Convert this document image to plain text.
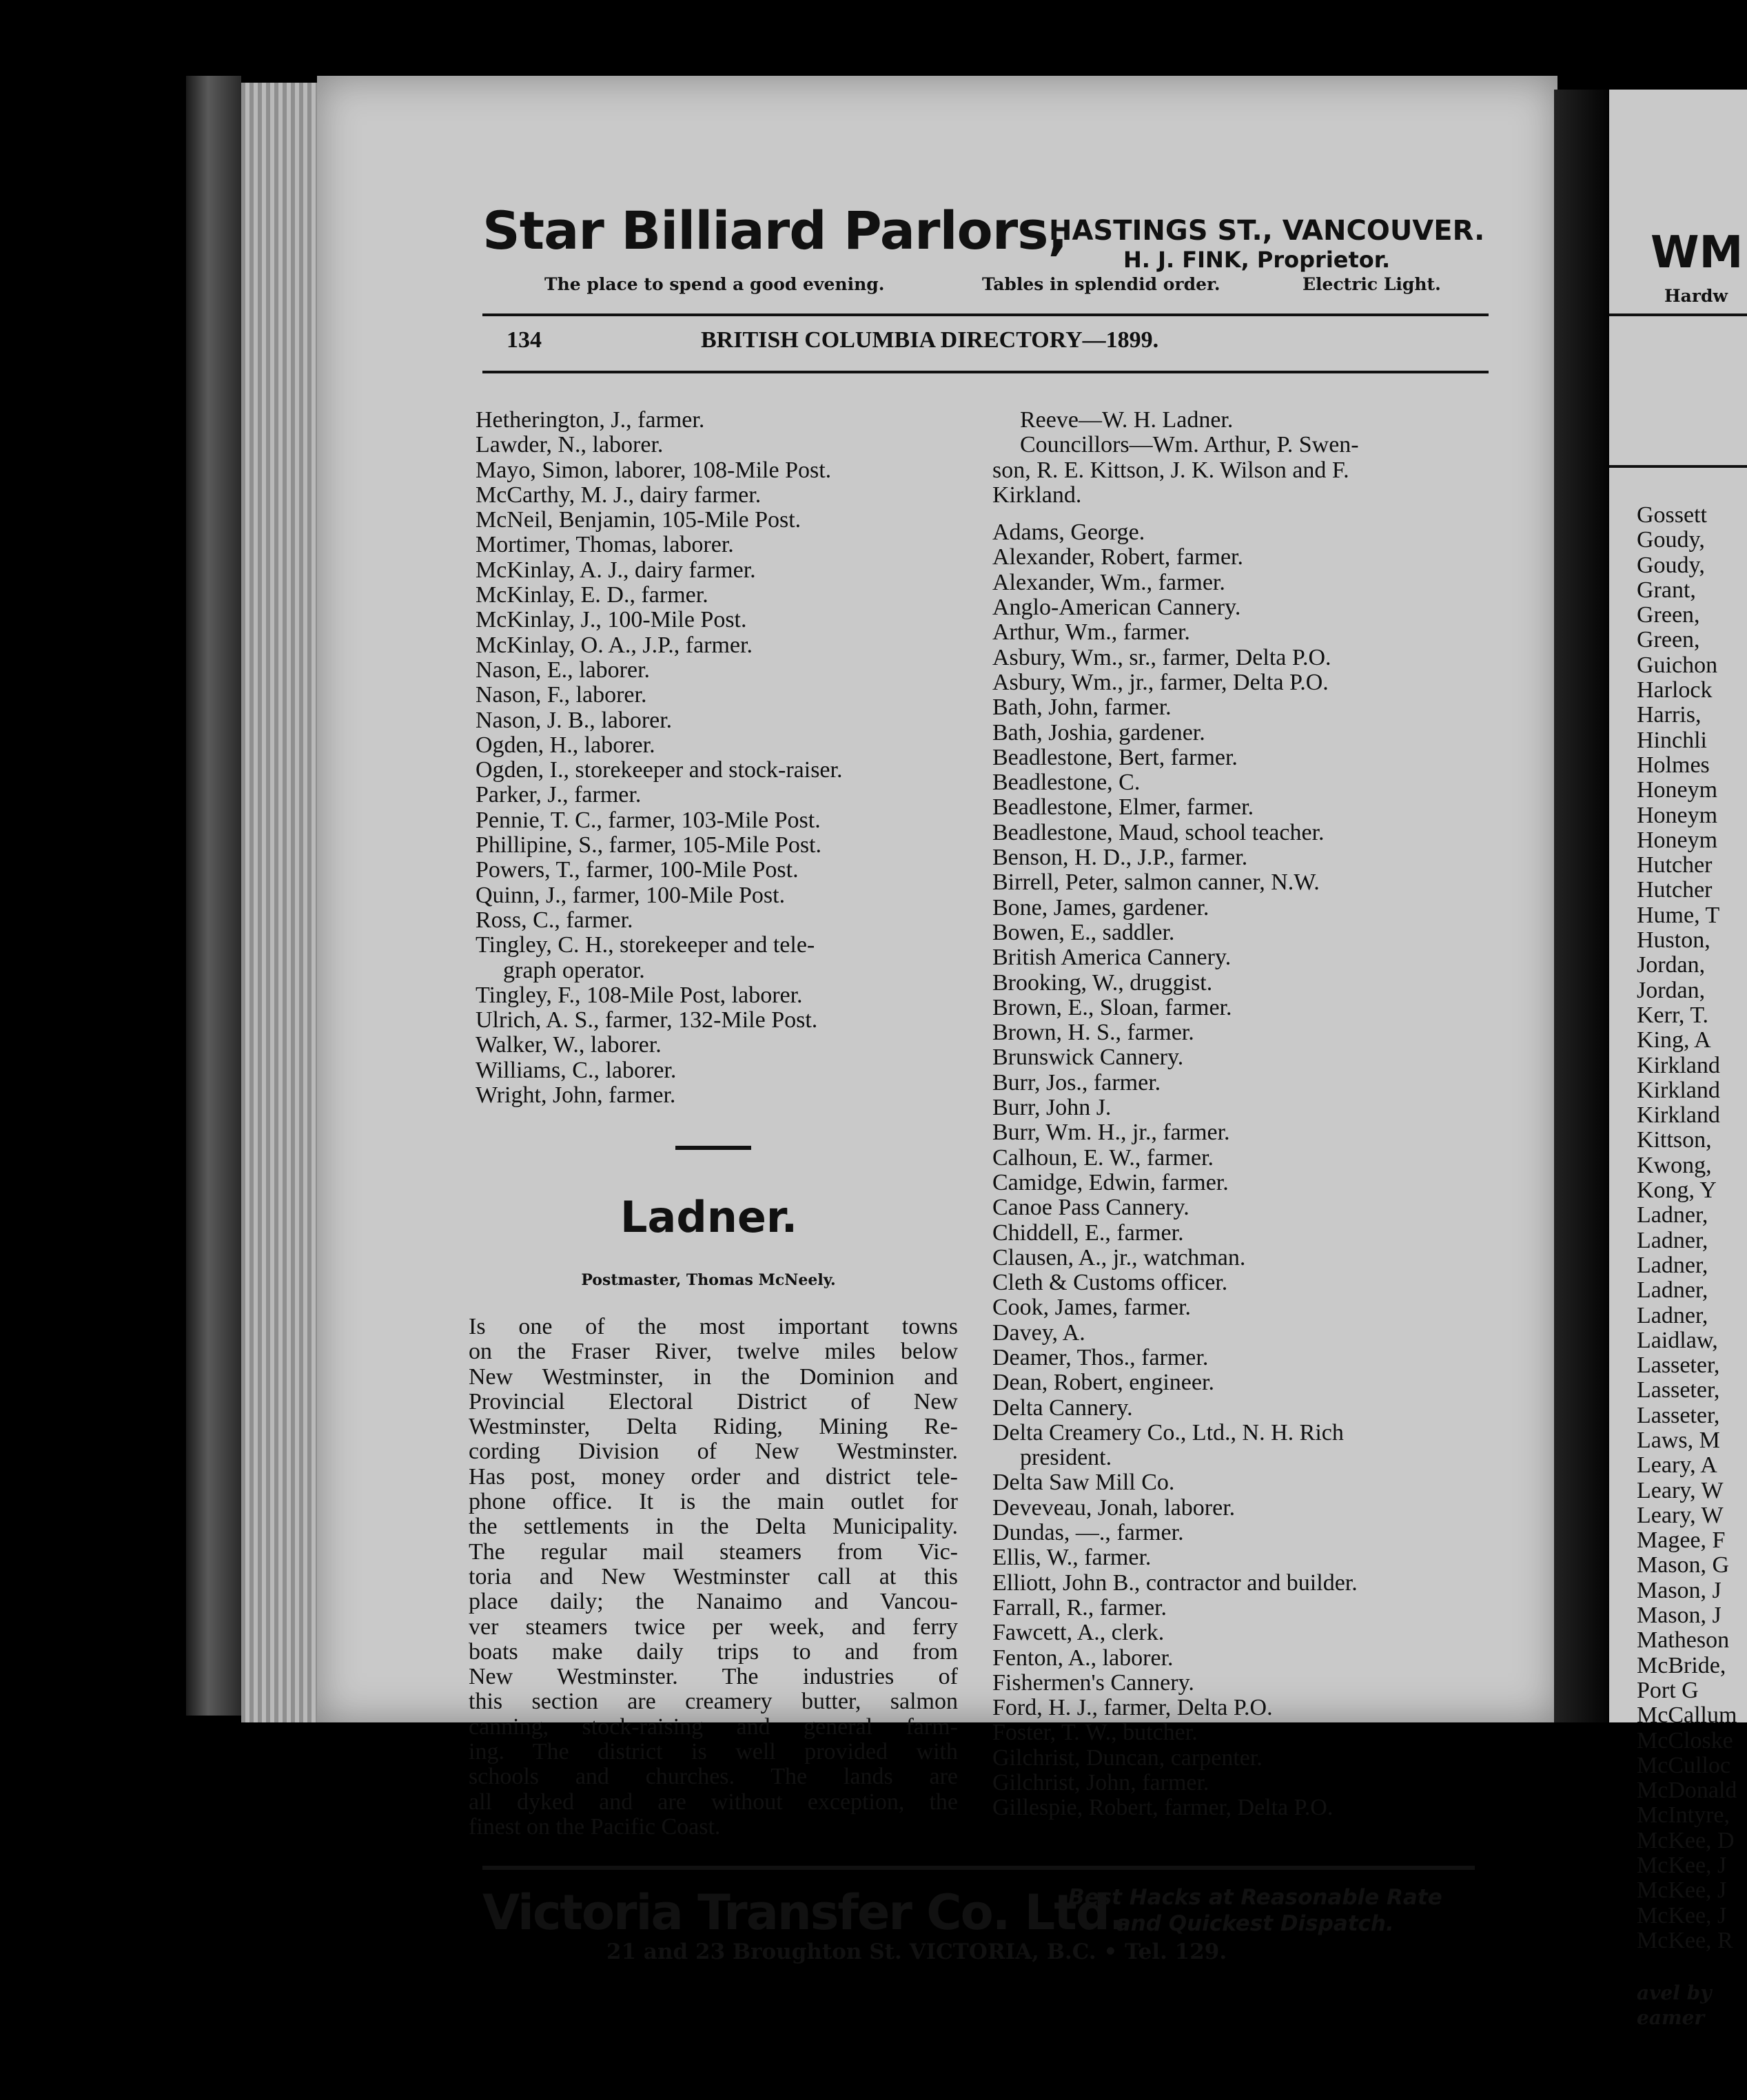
Star Billiard Parlors,
HASTINGS ST., VANCOUVER.
H. J. FINK, Proprietor.
The place to spend a good evening.	Tables in splendid order.	Electric Light.
134	BRITISH COLUMBIA DIRECTORY—1899.
Hetherington, J., farmer.
Lawder, N., laborer.
Mayo, Simon, laborer, 108-Mile Post.
McCarthy, M. J., dairy farmer.
McNeil, Benjamin, 105-Mile Post.
Mortimer, Thomas, laborer.
McKinlay, A. J., dairy farmer.
McKinlay, E. D., farmer.
McKinlay, J., 100-Mile Post.
McKinlay, O. A., J.P., farmer.
Nason, E., laborer.
Nason, F., laborer.
Nason, J. B., laborer.
Ogden, H., laborer.
Ogden, I., storekeeper and stock-raiser.
Parker, J., farmer.
Pennie, T. C., farmer, 103-Mile Post.
Phillipine, S., farmer, 105-Mile Post.
Powers, T., farmer, 100-Mile Post.
Quinn, J., farmer, 100-Mile Post.
Ross, C., farmer.
Tingley, C. H., storekeeper and tele-
graph operator.
Tingley, F., 108-Mile Post, laborer.
Ulrich, A. S., farmer, 132-Mile Post.
Walker, W., laborer.
Williams, C., laborer.
Wright, John, farmer.
Ladner.
Postmaster, Thomas McNeely.
Is one of the most important towns
on the Fraser River, twelve miles below
New Westminster, in the Dominion and
Provincial Electoral District of New
Westminster, Delta Riding, Mining Re-
cording Division of New Westminster.
Has post, money order and district tele-
phone office. It is the main outlet for
the settlements in the Delta Municipality.
The regular mail steamers from Vic-
toria and New Westminster call at this
place daily; the Nanaimo and Vancou-
ver steamers twice per week, and ferry
boats make daily trips to and from
New Westminster. The industries of
this section are creamery butter, salmon
canning, stock-raising and general farm-
ing. The district is well provided with
schools and churches. The lands are
all dyked and are without exception, the
finest on the Pacific Coast.
Reeve—W. H. Ladner.
Councillors—Wm. Arthur, P. Swen-
son, R. E. Kittson, J. K. Wilson and F.
Kirkland.
Adams, George.
Alexander, Robert, farmer.
Alexander, Wm., farmer.
Anglo-American Cannery.
Arthur, Wm., farmer.
Asbury, Wm., sr., farmer, Delta P.O.
Asbury, Wm., jr., farmer, Delta P.O.
Bath, John, farmer.
Bath, Joshia, gardener.
Beadlestone, Bert, farmer.
Beadlestone, C.
Beadlestone, Elmer, farmer.
Beadlestone, Maud, school teacher.
Benson, H. D., J.P., farmer.
Birrell, Peter, salmon canner, N.W.
Bone, James, gardener.
Bowen, E., saddler.
British America Cannery.
Brooking, W., druggist.
Brown, E., Sloan, farmer.
Brown, H. S., farmer.
Brunswick Cannery.
Burr, Jos., farmer.
Burr, John J.
Burr, Wm. H., jr., farmer.
Calhoun, E. W., farmer.
Camidge, Edwin, farmer.
Canoe Pass Cannery.
Chiddell, E., farmer.
Clausen, A., jr., watchman.
Cleth & Customs officer.
Cook, James, farmer.
Davey, A.
Deamer, Thos., farmer.
Dean, Robert, engineer.
Delta Cannery.
Delta Creamery Co., Ltd., N. H. Rich
president.
Delta Saw Mill Co.
Deveveau, Jonah, laborer.
Dundas, —., farmer.
Ellis, W., farmer.
Elliott, John B., contractor and builder.
Farrall, R., farmer.
Fawcett, A., clerk.
Fenton, A., laborer.
Fishermen's Cannery.
Ford, H. J., farmer, Delta P.O.
Foster, T. W., butcher.
Gilchrist, Duncan, carpenter.
Gilchrist, John, farmer.
Gillespie, Robert, farmer, Delta P.O.
Victoria Transfer Co. Ltd.
Best Hacks at Reasonable Rate
and Quickest Dispatch.
21 and 23 Broughton St. VICTORIA, B.C. • Tel. 129.
WM
Hardw
Gossett
Goudy,
Goudy,
Grant,
Green,
Green,
Guichon
Harlock
Harris,
Hinchli
Holmes
Honeym
Honeym
Honeym
Hutcher
Hutcher
Hume, T
Huston,
Jordan,
Jordan,
Kerr, T.
King, A
Kirkland
Kirkland
Kirkland
Kittson,
Kwong,
Kong, Y
Ladner,
Ladner,
Ladner,
Ladner,
Ladner,
Laidlaw,
Lasseter,
Lasseter,
Lasseter,
Laws, M
Leary, A
Leary, W
Leary, W
Magee, F
Mason, G
Mason, J
Mason, J
Matheson
McBride,
Port G
McCallum
McCloske
McCulloc
McDonald
McIntyre,
McKee, D
McKee, J
McKee, J
McKee, J
McKee, R
avel by
eamer
